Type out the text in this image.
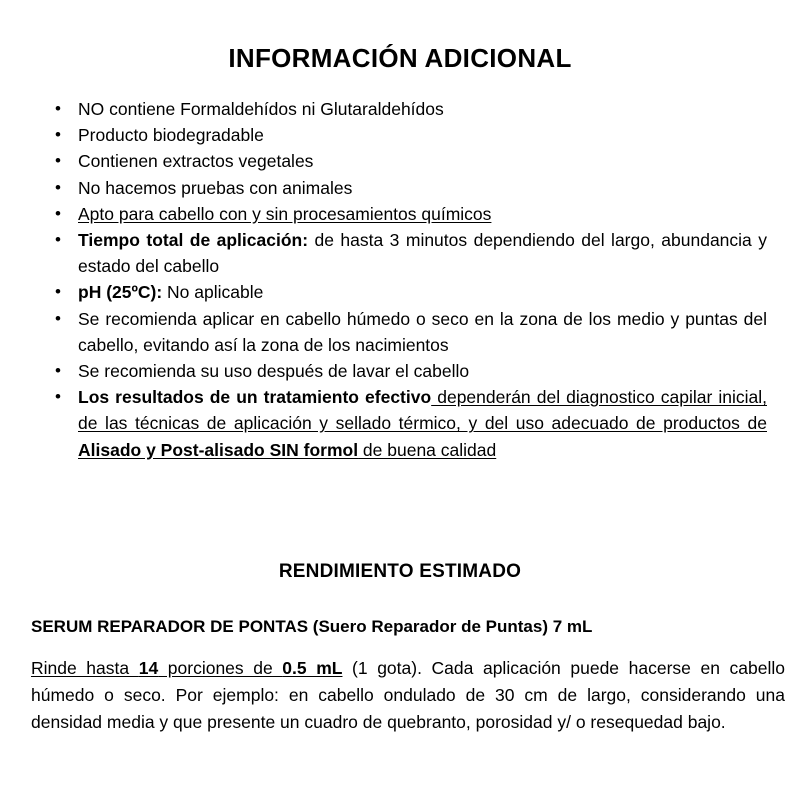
INFORMACIÓN ADICIONAL
• NO contiene Formaldehídos ni Glutaraldehídos
• Producto biodegradable
• Contienen extractos vegetales
• No hacemos pruebas con animales
• Apto para cabello con y sin procesamientos químicos
• Tiempo total de aplicación: de hasta 3 minutos dependiendo del largo, abundancia y estado del cabello
• pH (25ºC): No aplicable
• Se recomienda aplicar en cabello húmedo o seco en la zona de los medio y puntas del cabello, evitando así la zona de los nacimientos
• Se recomienda su uso después de lavar el cabello
• Los resultados de un tratamiento efectivo dependerán del diagnostico capilar inicial, de las técnicas de aplicación y sellado térmico, y del uso adecuado de productos de Alisado y Post-alisado SIN formol de buena calidad
RENDIMIENTO ESTIMADO

SERUM REPARADOR DE PONTAS (Suero Reparador de Puntas) 7 mL

Rinde hasta 14 porciones de 0.5 mL (1 gota). Cada aplicación puede hacerse en cabello húmedo o seco. Por ejemplo: en cabello ondulado de 30 cm de largo, considerando una densidad media y que presente un cuadro de quebranto, porosidad y/ o resequedad bajo.
